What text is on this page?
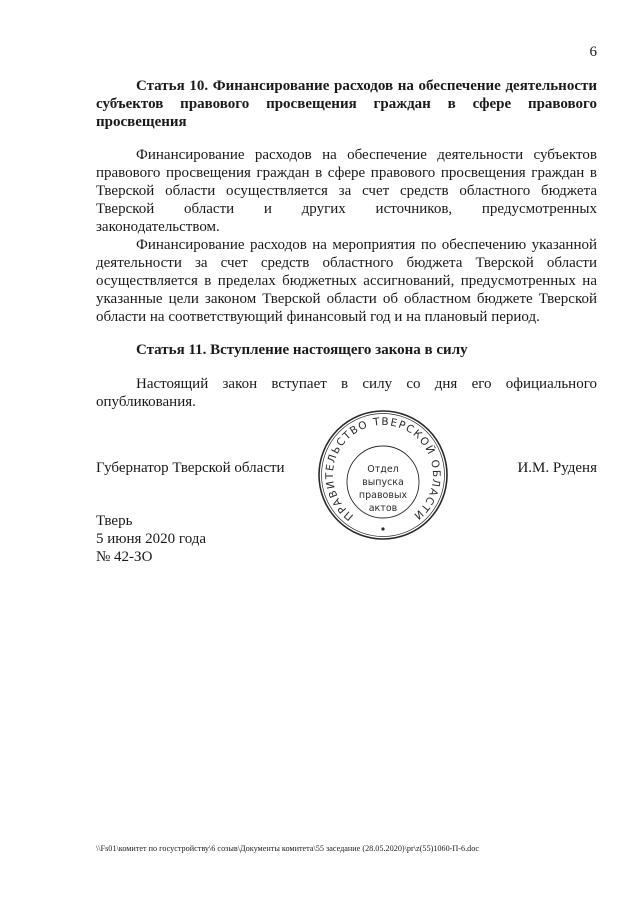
6
Статья 10. Финансирование расходов на обеспечение деятельности
субъектов правового просвещения граждан в сфере правового
просвещения
Финансирование расходов на обеспечение деятельности субъектов
правового просвещения граждан в сфере правового просвещения граждан в
Тверской области осуществляется за счет средств областного бюджета
Тверской области и других источников, предусмотренных
законодательством.
Финансирование расходов на мероприятия по обеспечению указанной
деятельности за счет средств областного бюджета Тверской области
осуществляется в пределах бюджетных ассигнований, предусмотренных на
указанные цели законом Тверской области об областном бюджете Тверской
области на соответствующий финансовый год и на плановый период.
Статья 11. Вступление настоящего закона в силу
Настоящий закон вступает в силу со дня его официального
опубликования.
Губернатор Тверской области	И.М. Руденя
ПРАВИТЕЛЬСТВО ТВЕРСКОЙ ОБЛАСТИ
Отдел
выпуска
правовых
актов
Тверь
5 июня 2020 года
№ 42-ЗО
\\Fs01\комитет по госустройству\6 созыв\Документы комитета\55 заседание (28.05.2020)\pr\z(55)1060-П-6.doc
